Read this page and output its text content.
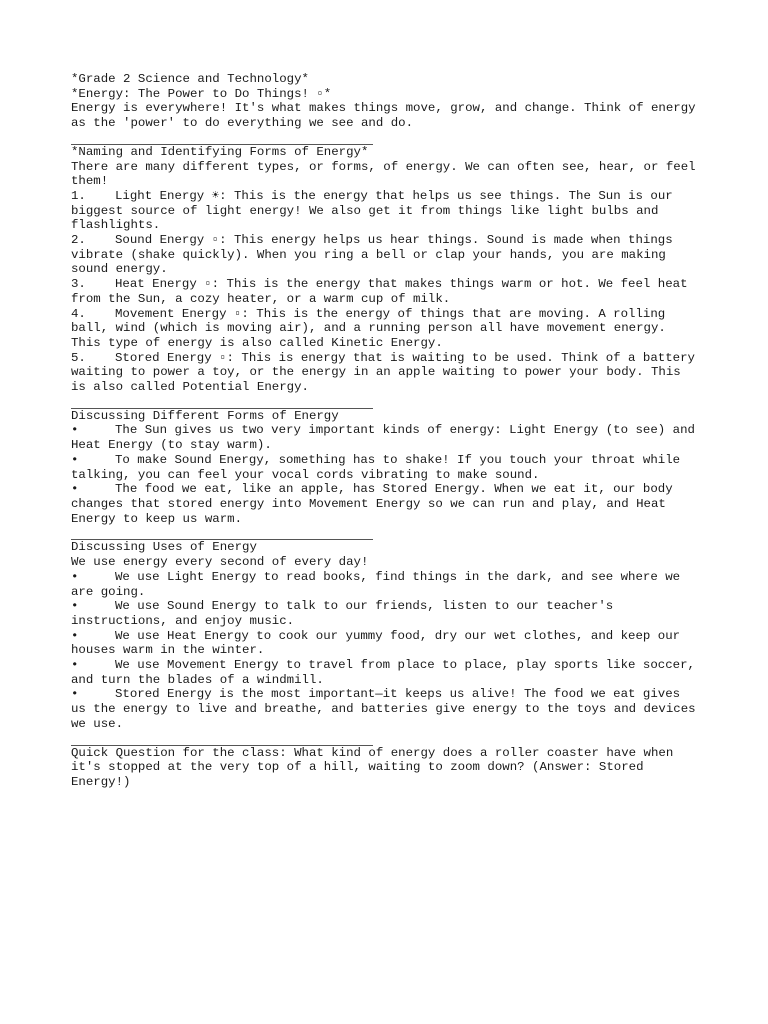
*Grade 2 Science and Technology*
*Energy: The Power to Do Things! ▫*
Energy is everywhere! It's what makes things move, grow, and change. Think of energy as the 'power' to do everything we see and do.
*Naming and Identifying Forms of Energy*
There are many different types, or forms, of energy. We can often see, hear, or feel them!
1. Light Energy ☀: This is the energy that helps us see things. The Sun is our biggest source of light energy! We also get it from things like light bulbs and flashlights.
2. Sound Energy ▫: This energy helps us hear things. Sound is made when things vibrate (shake quickly). When you ring a bell or clap your hands, you are making sound energy.
3. Heat Energy ▫: This is the energy that makes things warm or hot. We feel heat from the Sun, a cozy heater, or a warm cup of milk.
4. Movement Energy ▫: This is the energy of things that are moving. A rolling ball, wind (which is moving air), and a running person all have movement energy. This type of energy is also called Kinetic Energy.
5. Stored Energy ▫: This is energy that is waiting to be used. Think of a battery waiting to power a toy, or the energy in an apple waiting to power your body. This is also called Potential Energy.
Discussing Different Forms of Energy
•	The Sun gives us two very important kinds of energy: Light Energy (to see) and Heat Energy (to stay warm).
•	To make Sound Energy, something has to shake! If you touch your throat while talking, you can feel your vocal cords vibrating to make sound.
•	The food we eat, like an apple, has Stored Energy. When we eat it, our body changes that stored energy into Movement Energy so we can run and play, and Heat Energy to keep us warm.
Discussing Uses of Energy
We use energy every second of every day!
•	We use Light Energy to read books, find things in the dark, and see where we are going.
•	We use Sound Energy to talk to our friends, listen to our teacher's instructions, and enjoy music.
•	We use Heat Energy to cook our yummy food, dry our wet clothes, and keep our houses warm in the winter.
•	We use Movement Energy to travel from place to place, play sports like soccer, and turn the blades of a windmill.
•	Stored Energy is the most important—it keeps us alive! The food we eat gives us the energy to live and breathe, and batteries give energy to the toys and devices we use.
Quick Question for the class: What kind of energy does a roller coaster have when it's stopped at the very top of a hill, waiting to zoom down? (Answer: Stored Energy!)
